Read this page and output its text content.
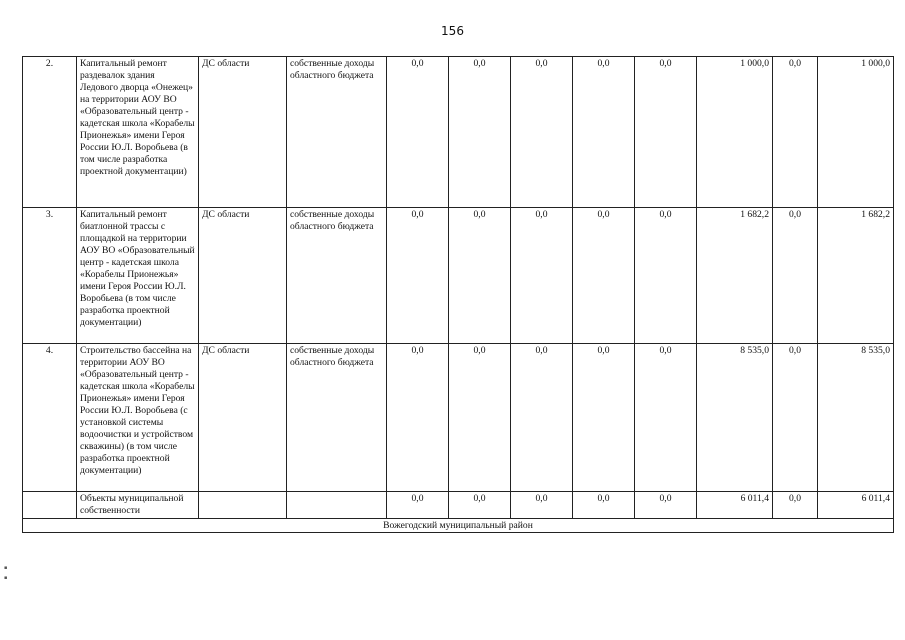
156
2.	Капитальный ремонт раздевалок здания Ледового дворца «Онежец» на территории АОУ ВО «Образовательный центр - кадетская школа «Корабелы Прионежья» имени Героя России Ю.Л. Воробьева (в том числе разработка проектной документации)	ДС области	собственные доходы областного бюджета	0,0	0,0	0,0	0,0	0,0	1 000,0	0,0	1 000,0
3.	Капитальный ремонт биатлонной трассы с площадкой на территории АОУ ВО «Образовательный центр - кадетская школа «Корабелы Прионежья» имени Героя России Ю.Л. Воробьева (в том числе разработка проектной документации)	ДС области	собственные доходы областного бюджета	0,0	0,0	0,0	0,0	0,0	1 682,2	0,0	1 682,2
4.	Строительство бассейна на территории АОУ ВО «Образовательный центр - кадетская школа «Корабелы Прионежья» имени Героя России Ю.Л. Воробьева (с установкой системы водоочистки и устройством скважины) (в том числе разработка проектной документации)	ДС области	собственные доходы областного бюджета	0,0	0,0	0,0	0,0	0,0	8 535,0	0,0	8 535,0
	Объекты муниципальной собственности			0,0	0,0	0,0	0,0	0,0	6 011,4	0,0	6 011,4
Вожегодский муниципальный район											
▪
▪
